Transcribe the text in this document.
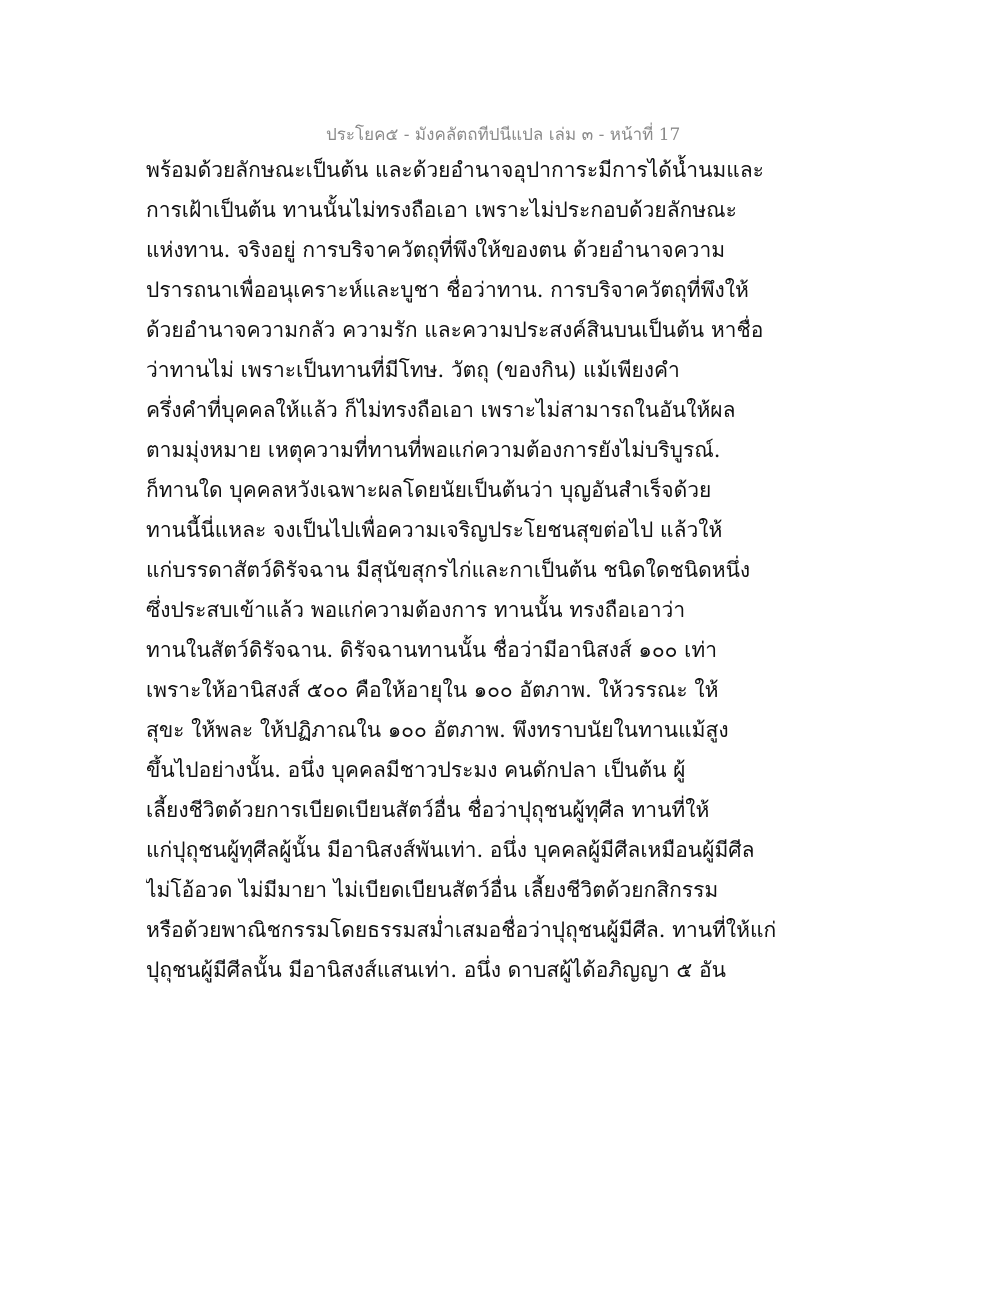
ประโยค๕ - มังคลัตถทีปนีแปล เล่ม ๓ - หน้าที่ 17
พร้อมด้วยลักษณะเป็นต้น และด้วยอำนาจอุปาการะมีการได้น้ำนมและ
การเฝ้าเป็นต้น ทานนั้นไม่ทรงถือเอา เพราะไม่ประกอบด้วยลักษณะ
แห่งทาน. จริงอยู่ การบริจาควัตถุที่พึงให้ของตน ด้วยอำนาจความ
ปรารถนาเพื่ออนุเคราะห์และบูชา ชื่อว่าทาน. การบริจาควัตถุที่พึงให้
ด้วยอำนาจความกลัว ความรัก และความประสงค์สินบนเป็นต้น หาชื่อ
ว่าทานไม่ เพราะเป็นทานที่มีโทษ. วัตถุ (ของกิน) แม้เพียงคำ
ครึ่งคำที่บุคคลให้แล้ว ก็ไม่ทรงถือเอา เพราะไม่สามารถในอันให้ผล
ตามมุ่งหมาย เหตุความที่ทานที่พอแก่ความต้องการยังไม่บริบูรณ์.
ก็ทานใด บุคคลหวังเฉพาะผลโดยนัยเป็นต้นว่า บุญอันสำเร็จด้วย
ทานนี้นี่แหละ จงเป็นไปเพื่อความเจริญประโยชนสุขต่อไป แล้วให้
แก่บรรดาสัตว์ดิรัจฉาน มีสุนัขสุกรไก่และกาเป็นต้น ชนิดใดชนิดหนึ่ง
ซึ่งประสบเข้าแล้ว พอแก่ความต้องการ ทานนั้น ทรงถือเอาว่า
ทานในสัตว์ดิรัจฉาน. ดิรัจฉานทานนั้น ชื่อว่ามีอานิสงส์ ๑๐๐ เท่า
เพราะให้อานิสงส์ ๕๐๐ คือให้อายุใน ๑๐๐ อัตภาพ. ให้วรรณะ ให้
สุขะ ให้พละ ให้ปฏิภาณใน ๑๐๐ อัตภาพ. พึงทราบนัยในทานแม้สูง
ขึ้นไปอย่างนั้น. อนึ่ง บุคคลมีชาวประมง คนดักปลา เป็นต้น ผู้
เลี้ยงชีวิตด้วยการเบียดเบียนสัตว์อื่น ชื่อว่าปุถุชนผู้ทุศีล ทานที่ให้
แก่ปุถุชนผู้ทุศีลผู้นั้น มีอานิสงส์พันเท่า. อนึ่ง บุคคลผู้มีศีลเหมือนผู้มีศีล
ไม่โอ้อวด ไม่มีมายา ไม่เบียดเบียนสัตว์อื่น เลี้ยงชีวิตด้วยกสิกรรม
หรือด้วยพาณิชกรรมโดยธรรมสม่ำเสมอชื่อว่าปุถุชนผู้มีศีล. ทานที่ให้แก่
ปุถุชนผู้มีศีลนั้น มีอานิสงส์แสนเท่า. อนึ่ง ดาบสผู้ได้อภิญญา ๕ อัน
